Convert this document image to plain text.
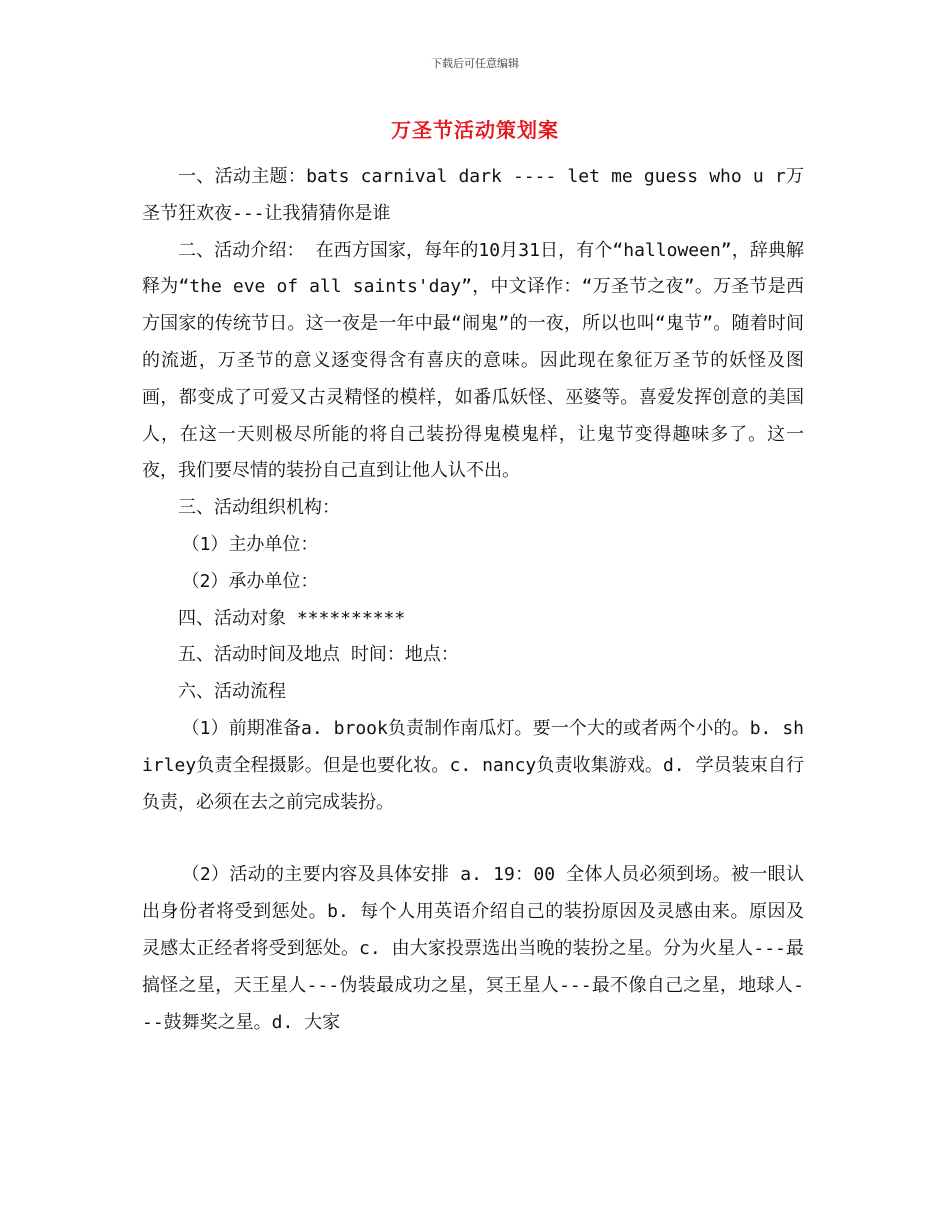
下载后可任意编辑
万圣节活动策划案

一、活动主题：bats carnival dark ---- let me guess who u r万圣节狂欢夜---让我猜猜你是谁

二、活动介绍： 在西方国家，每年的10月31日，有个“halloween”，辞典解释为“the eve of all saints'day”，中文译作：“万圣节之夜”。万圣节是西方国家的传统节日。这一夜是一年中最“闹鬼”的一夜，所以也叫“鬼节”。随着时间的流逝，万圣节的意义逐变得含有喜庆的意味。因此现在象征万圣节的妖怪及图画，都变成了可爱又古灵精怪的模样，如番瓜妖怪、巫婆等。喜爱发挥创意的美国人，在这一天则极尽所能的将自己装扮得鬼模鬼样，让鬼节变得趣味多了。这一夜，我们要尽情的装扮自己直到让他人认不出。

三、活动组织机构：

（1）主办单位：

（2）承办单位：

四、活动对象 **********

五、活动时间及地点 时间：地点：

六、活动流程

（1）前期准备a. brook负责制作南瓜灯。要一个大的或者两个小的。b. shirley负责全程摄影。但是也要化妆。c. nancy负责收集游戏。d. 学员装束自行负责，必须在去之前完成装扮。

（2）活动的主要内容及具体安排 a. 19：00 全体人员必须到场。被一眼认出身份者将受到惩处。b. 每个人用英语介绍自己的装扮原因及灵感由来。原因及灵感太正经者将受到惩处。c. 由大家投票选出当晚的装扮之星。分为火星人---最搞怪之星，天王星人---伪装最成功之星，冥王星人---最不像自己之星，地球人---鼓舞奖之星。d. 大家
